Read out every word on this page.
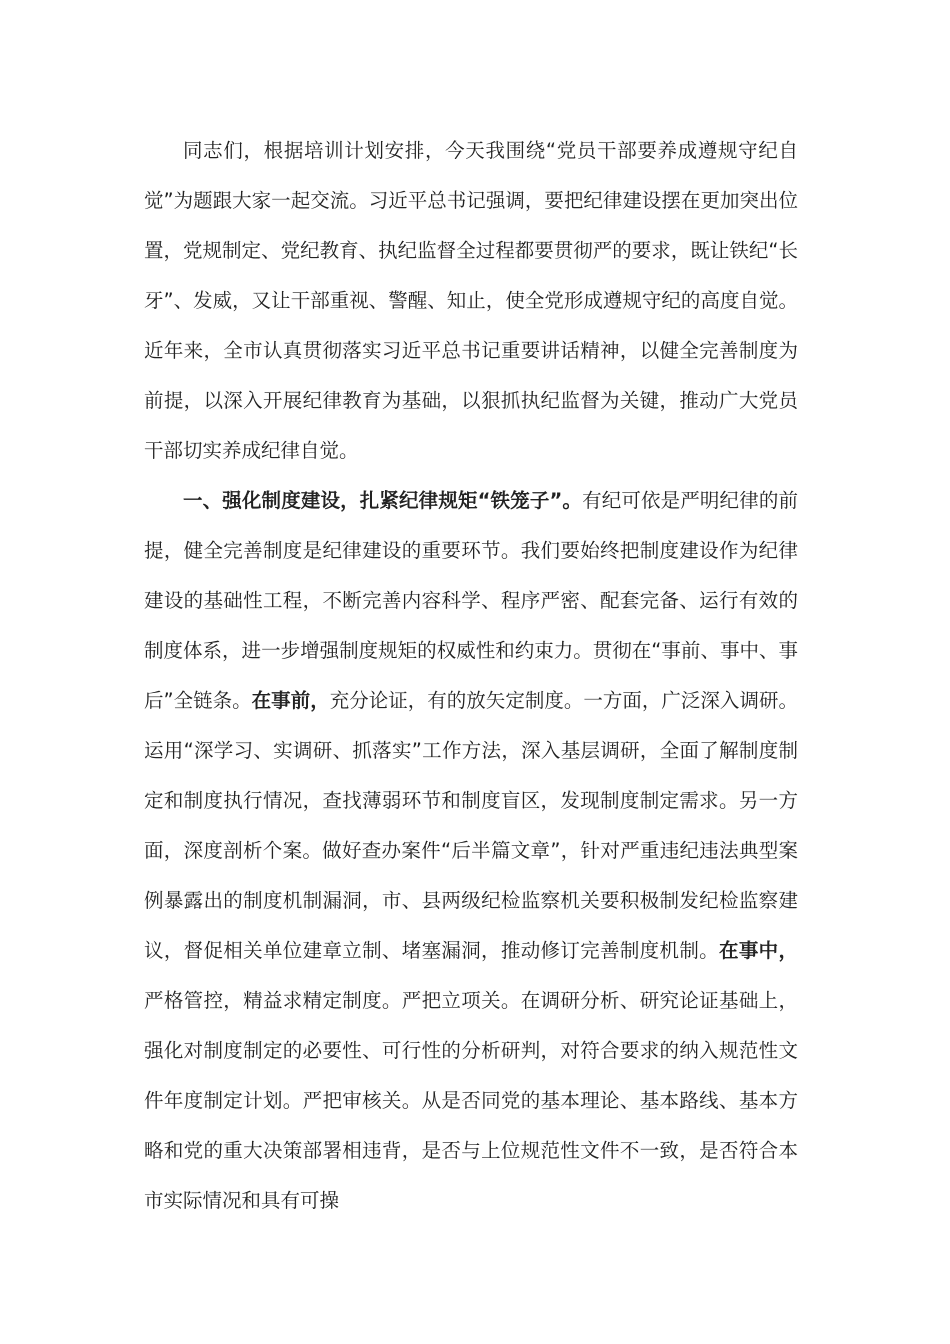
同志们，根据培训计划安排，今天我围绕“党员干部要养成遵规守纪自觉”为题跟大家一起交流。习近平总书记强调，要把纪律建设摆在更加突出位置，党规制定、党纪教育、执纪监督全过程都要贯彻严的要求，既让铁纪“长牙”、发威，又让干部重视、警醒、知止，使全党形成遵规守纪的高度自觉。近年来，全市认真贯彻落实习近平总书记重要讲话精神，以健全完善制度为前提，以深入开展纪律教育为基础，以狠抓执纪监督为关键，推动广大党员干部切实养成纪律自觉。

一、强化制度建设，扎紧纪律规矩“铁笼子”。有纪可依是严明纪律的前提，健全完善制度是纪律建设的重要环节。我们要始终把制度建设作为纪律建设的基础性工程，不断完善内容科学、程序严密、配套完备、运行有效的制度体系，进一步增强制度规矩的权威性和约束力。贯彻在“事前、事中、事后”全链条。在事前，充分论证，有的放矢定制度。一方面，广泛深入调研。运用“深学习、实调研、抓落实”工作方法，深入基层调研，全面了解制度制定和制度执行情况，查找薄弱环节和制度盲区，发现制度制定需求。另一方面，深度剖析个案。做好查办案件“后半篇文章”，针对严重违纪违法典型案例暴露出的制度机制漏洞，市、县两级纪检监察机关要积极制发纪检监察建议，督促相关单位建章立制、堵塞漏洞，推动修订完善制度机制。在事中，严格管控，精益求精定制度。严把立项关。在调研分析、研究论证基础上，强化对制度制定的必要性、可行性的分析研判，对符合要求的纳入规范性文件年度制定计划。严把审核关。从是否同党的基本理论、基本路线、基本方略和党的重大决策部署相违背，是否与上位规范性文件不一致，是否符合本市实际情况和具有可操
